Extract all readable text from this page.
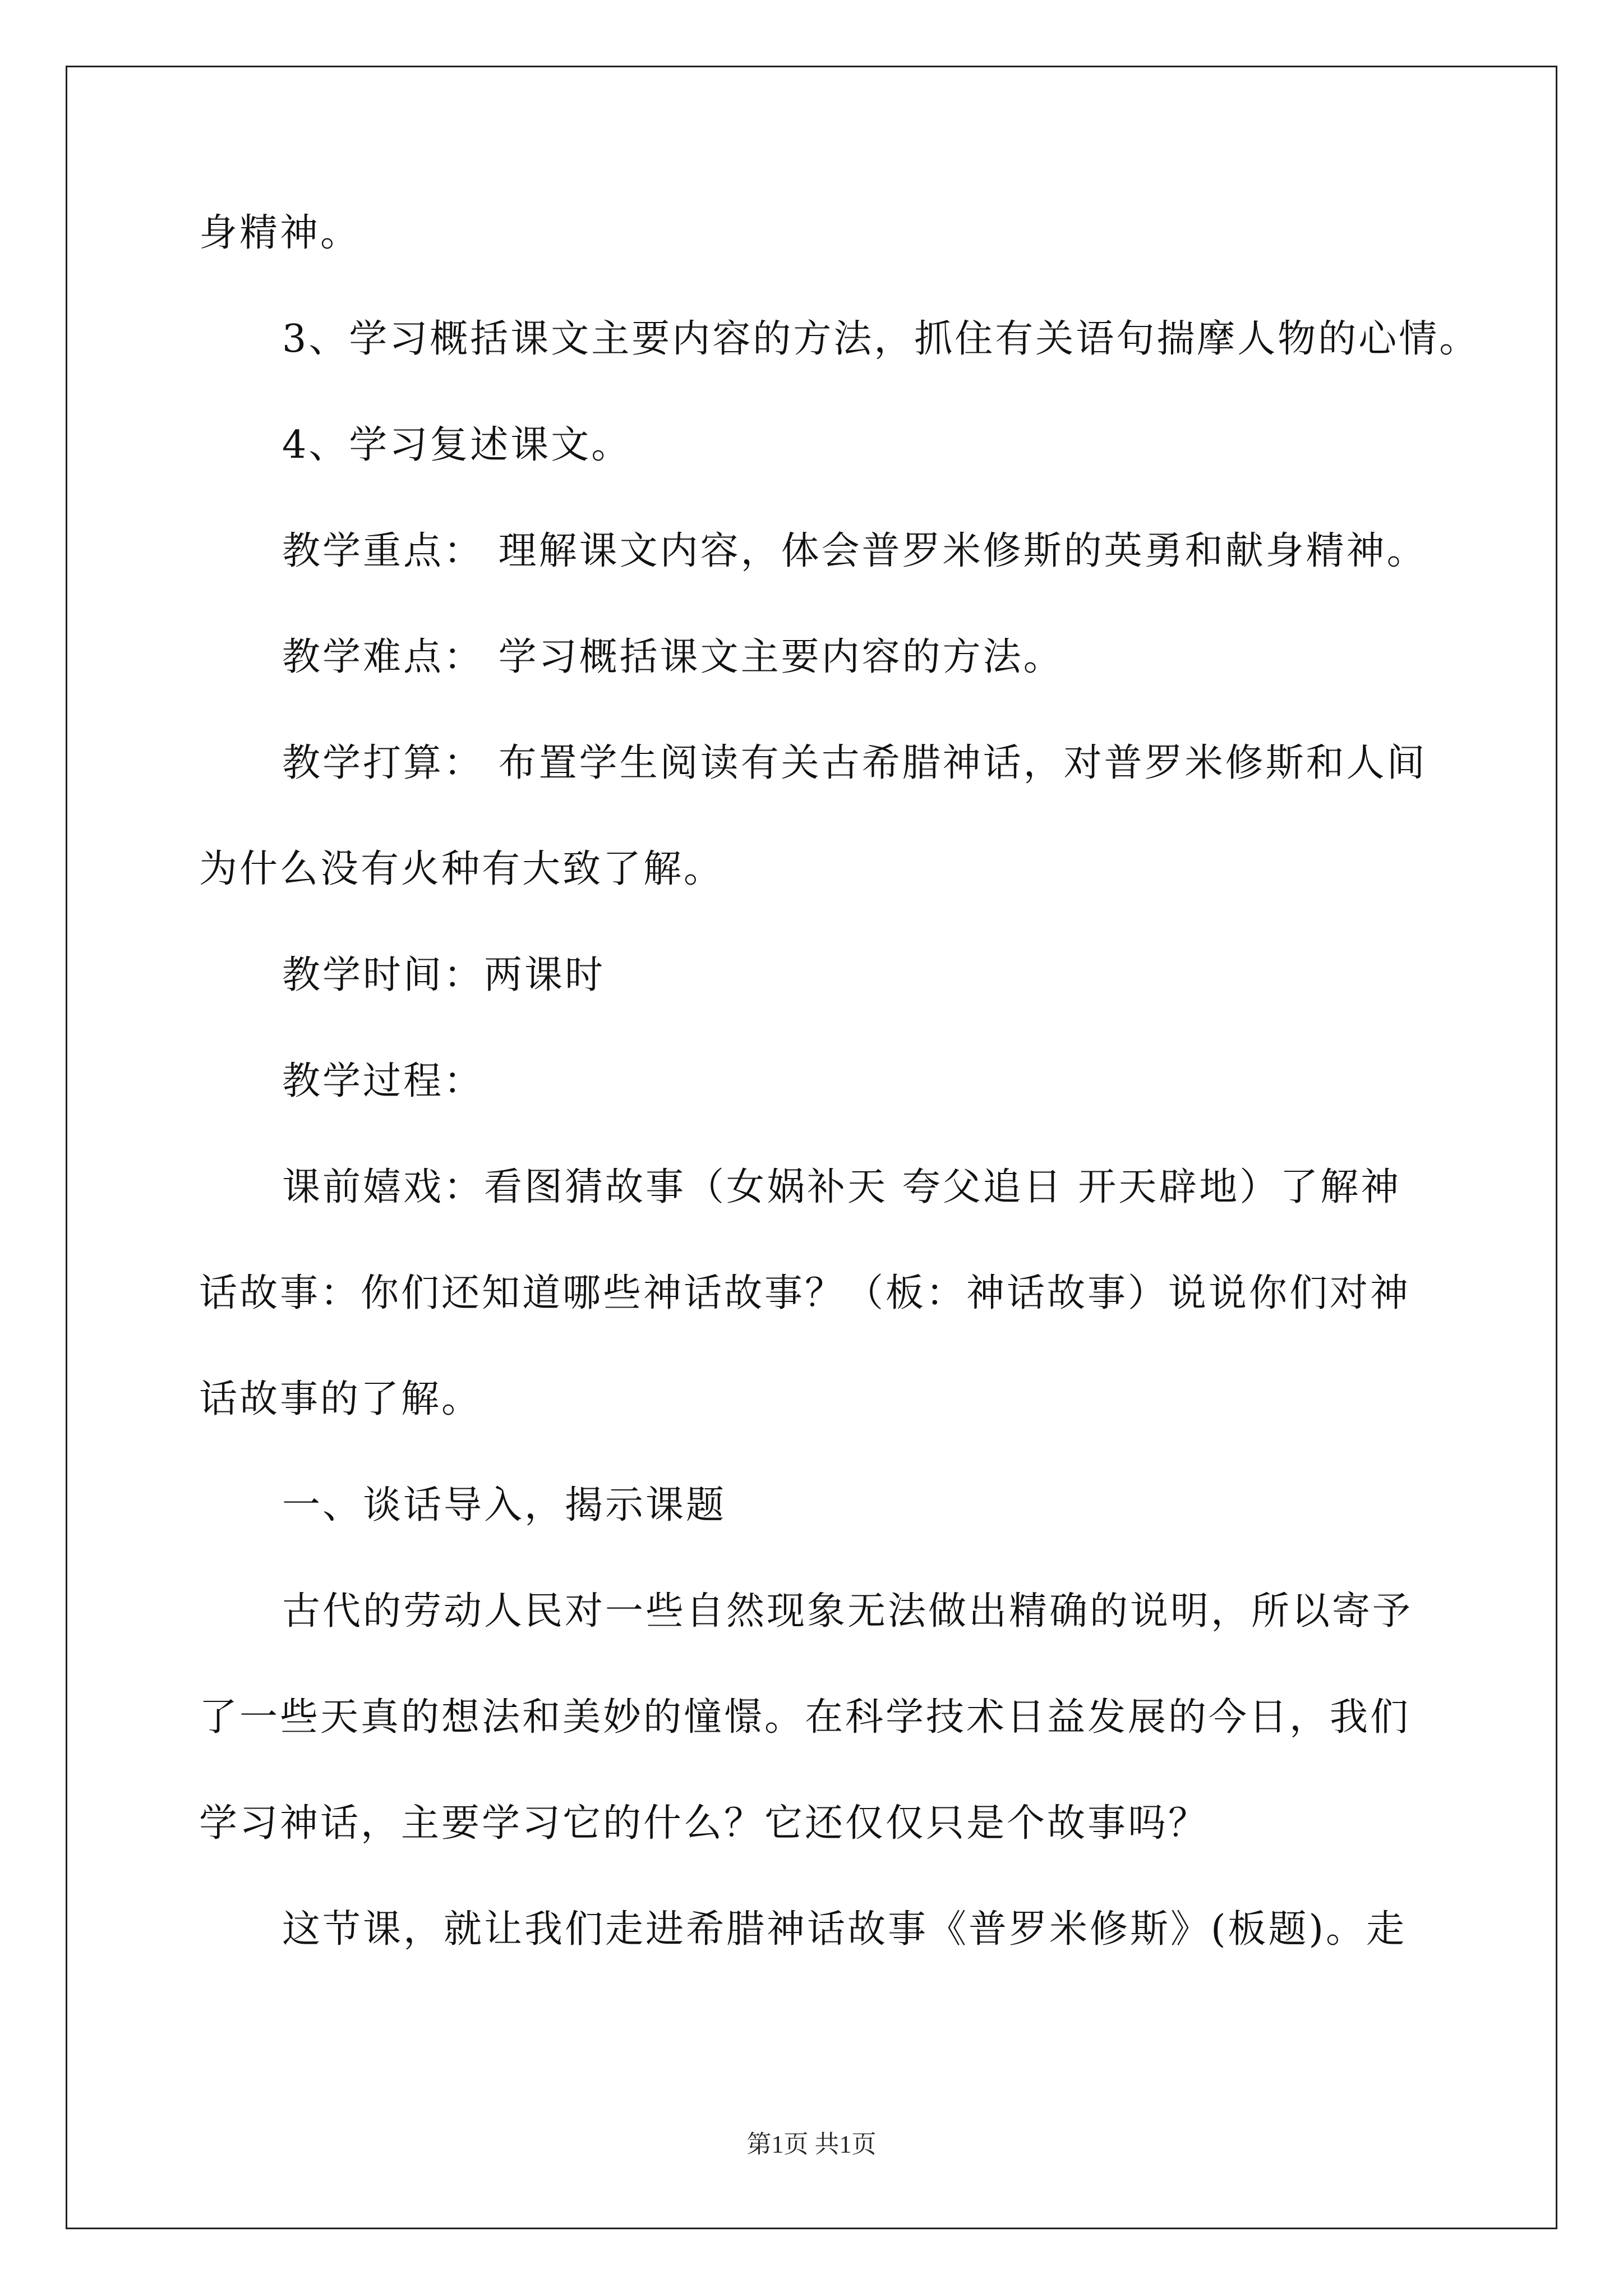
身精神。
3、学习概括课文主要内容的方法，抓住有关语句揣摩人物的心情。
4、学习复述课文。
教学重点： 理解课文内容，体会普罗米修斯的英勇和献身精神。
教学难点： 学习概括课文主要内容的方法。
教学打算： 布置学生阅读有关古希腊神话，对普罗米修斯和人间
为什么没有火种有大致了解。
教学时间：两课时
教学过程：
课前嬉戏：看图猜故事（女娲补天 夸父追日 开天辟地）了解神
话故事：你们还知道哪些神话故事？（板：神话故事）说说你们对神
话故事的了解。
一、谈话导入，揭示课题
古代的劳动人民对一些自然现象无法做出精确的说明，所以寄予
了一些天真的想法和美妙的憧憬。在科学技术日益发展的今日，我们
学习神话，主要学习它的什么？它还仅仅只是个故事吗？
这节课，就让我们走进希腊神话故事《普罗米修斯》(板题)。走
第1页 共1页
